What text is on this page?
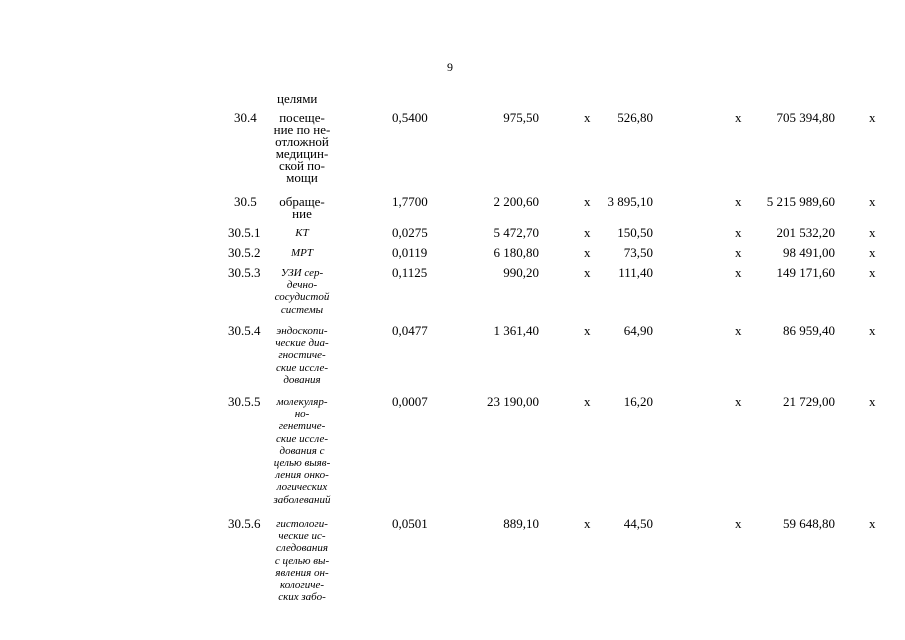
9
целями
30.4	посеще-
ние по не-
отложной
медицин-
ской по-
мощи
0,5400	975,50	х 526,80	х	705 394,80	х
30.5	обраще-
ние
1,7700	2 200,60	х 3 895,10	х 5 215 989,60	х
30.5.1	КТ	0,0275	5 472,70	х 150,50	х	201 532,20	х
30.5.2	МРТ	0,0119	6 180,80	х	73,50	х	98 491,00	х
30.5.3	УЗИ сер-
дечно-
сосудистой
системы
0,1125	990,20	х 111,40	х	149 171,60	х
30.5.4	эндоскопи-
ческие диа-
гностиче-
ские иссле-
дования
0,0477	1 361,40	х	64,90	х	86 959,40	х
30.5.5	молекуляр-
но-
генетиче-
ские иссле-
дования с
целью выяв-
ления онко-
логических
заболеваний
0,0007	23 190,00	х	16,20	х	21 729,00	х
30.5.6	гистологи-
ческие ис-
следования
с целью вы-
явления он-
кологиче-
ских забо-
0,0501	889,10	х	44,50	х	59 648,80	х
